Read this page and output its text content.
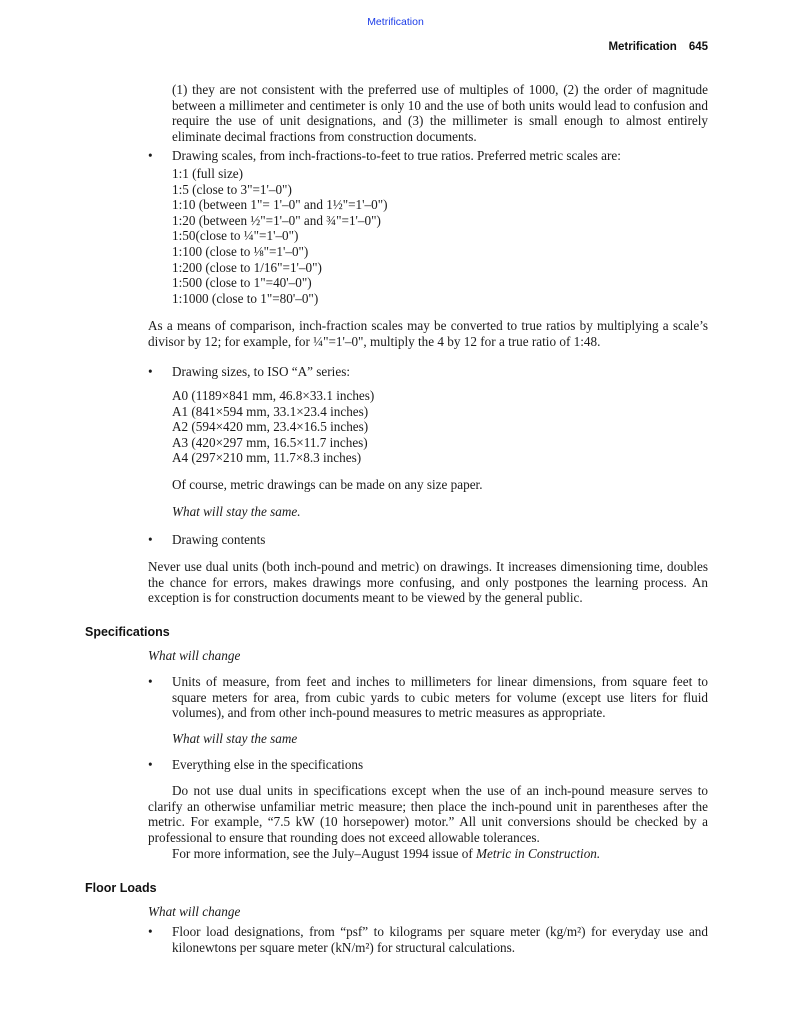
Metrification
Metrification 645

(1) they are not consistent with the preferred use of multiples of 1000, (2) the order of magnitude between a millimeter and centimeter is only 10 and the use of both units would lead to confusion and require the use of unit designations, and (3) the millimeter is small enough to almost entirely eliminate decimal fractions from construction documents.

• Drawing scales, from inch-fractions-to-feet to true ratios. Preferred metric scales are:

1:1 (full size)
1:5 (close to 3"=1'–0")
1:10 (between 1"= 1'–0" and 1½"=1'–0")
1:20 (between ½"=1'–0" and ¾"=1'–0")
1:50(close to ¼"=1'–0")
1:100 (close to ⅛"=1'–0")
1:200 (close to 1/16"=1'–0")
1:500 (close to 1"=40'–0")
1:1000 (close to 1"=80'–0")

As a means of comparison, inch-fraction scales may be converted to true ratios by multiplying a scale’s divisor by 12; for example, for ¼"=1'–0", multiply the 4 by 12 for a true ratio of 1:48.

• Drawing sizes, to ISO “A” series:

A0 (1189×841 mm, 46.8×33.1 inches)
A1 (841×594 mm, 33.1×23.4 inches)
A2 (594×420 mm, 23.4×16.5 inches)
A3 (420×297 mm, 16.5×11.7 inches)
A4 (297×210 mm, 11.7×8.3 inches)

Of course, metric drawings can be made on any size paper.

What will stay the same.

• Drawing contents

Never use dual units (both inch-pound and metric) on drawings. It increases dimensioning time, doubles the chance for errors, makes drawings more confusing, and only postpones the learning process. An exception is for construction documents meant to be viewed by the general public.

Specifications

What will change

• Units of measure, from feet and inches to millimeters for linear dimensions, from square feet to square meters for area, from cubic yards to cubic meters for volume (except use liters for fluid volumes), and from other inch-pound measures to metric measures as appropriate.

What will stay the same

• Everything else in the specifications

Do not use dual units in specifications except when the use of an inch-pound measure serves to clarify an otherwise unfamiliar metric measure; then place the inch-pound unit in parentheses after the metric. For example, “7.5 kW (10 horsepower) motor.” All unit conversions should be checked by a professional to ensure that rounding does not exceed allowable tolerances.

For more information, see the July–August 1994 issue of Metric in Construction.

Floor Loads

What will change

• Floor load designations, from “psf” to kilograms per square meter (kg/m²) for everyday use and kilonewtons per square meter (kN/m²) for structural calculations.
